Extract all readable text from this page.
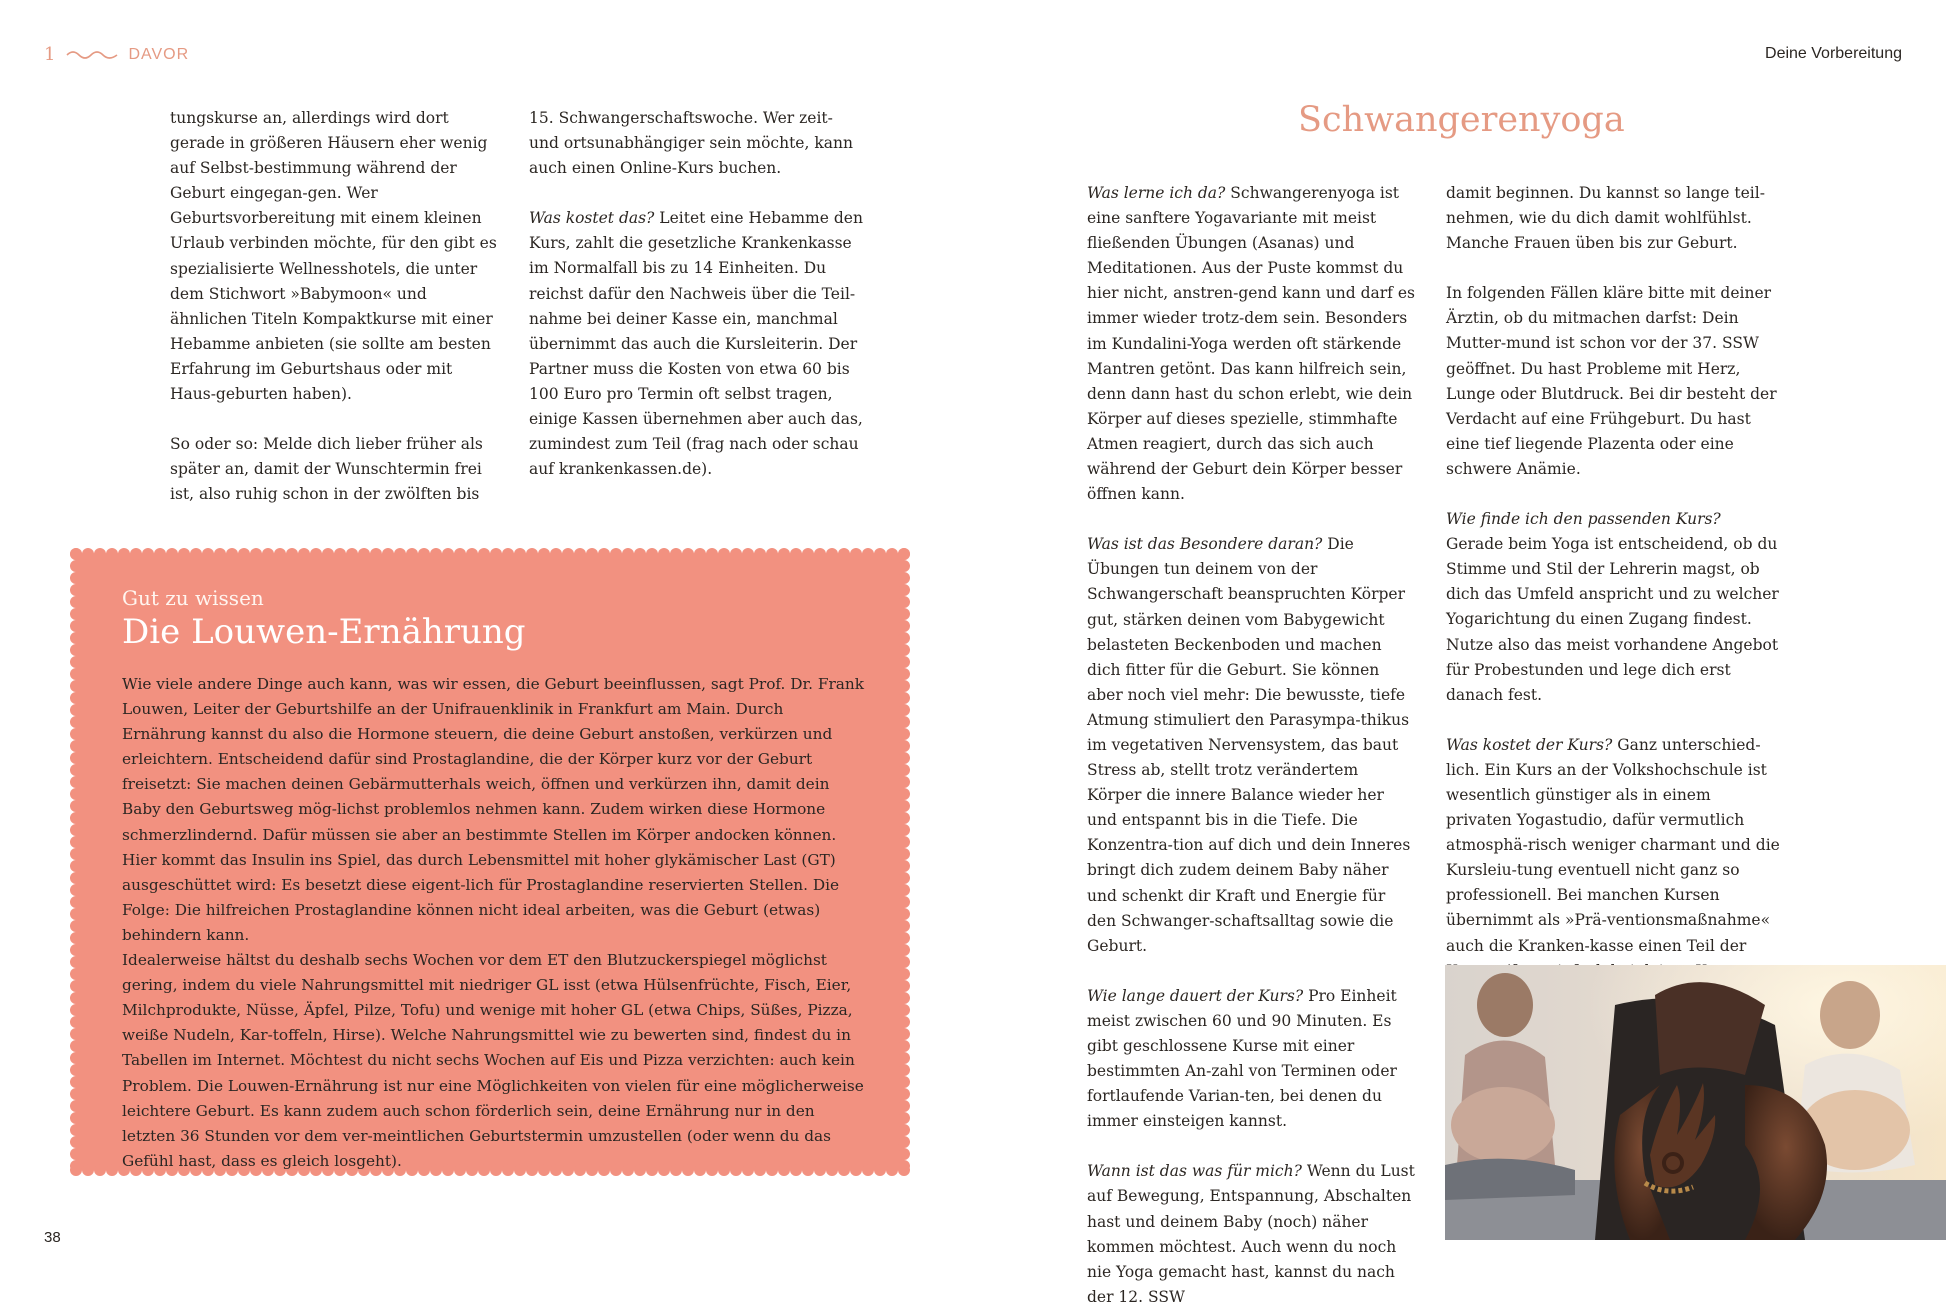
1	DAVOR	Deine Vorbereitung

tungskurse an, allerdings wird dort gerade in größeren Häusern eher wenig auf Selbst-bestimmung während der Geburt eingegan-gen. Wer Geburtsvorbereitung mit einem kleinen Urlaub verbinden möchte, für den gibt es spezialisierte Wellnesshotels, die unter dem Stichwort »Babymoon« und ähnlichen Titeln Kompaktkurse mit einer Hebamme anbieten (sie sollte am besten Erfahrung im Geburtshaus oder mit Haus-geburten haben).

So oder so: Melde dich lieber früher als später an, damit der Wunschtermin frei ist, also ruhig schon in der zwölften bis

15. Schwangerschaftswoche. Wer zeit- und ortsunabhängiger sein möchte, kann auch einen Online-Kurs buchen.

Was kostet das? Leitet eine Hebamme den Kurs, zahlt die gesetzliche Krankenkasse im Normalfall bis zu 14 Einheiten. Du reichst dafür den Nachweis über die Teil-nahme bei deiner Kasse ein, manchmal übernimmt das auch die Kursleiterin. Der Partner muss die Kosten von etwa 60 bis 100 Euro pro Termin oft selbst tragen, einige Kassen übernehmen aber auch das, zumindest zum Teil (frag nach oder schau auf krankenkassen.de).

Gut zu wissen
Die Louwen-Ernährung

Wie viele andere Dinge auch kann, was wir essen, die Geburt beeinflussen, sagt Prof. Dr. Frank Louwen, Leiter der Geburtshilfe an der Unifrauenklinik in Frankfurt am Main. Durch Ernährung kannst du also die Hormone steuern, die deine Geburt anstoßen, verkürzen und erleichtern. Entscheidend dafür sind Prostaglandine, die der Körper kurz vor der Geburt freisetzt: Sie machen deinen Gebärmutterhals weich, öffnen und verkürzen ihn, damit dein Baby den Geburtsweg mög-lichst problemlos nehmen kann. Zudem wirken diese Hormone schmerzlindernd. Dafür müssen sie aber an bestimmte Stellen im Körper andocken können. Hier kommt das Insulin ins Spiel, das durch Lebensmittel mit hoher glykämischer Last (GT) ausgeschüttet wird: Es besetzt diese eigent-lich für Prostaglandine reservierten Stellen. Die Folge: Die hilfreichen Prostaglandine können nicht ideal arbeiten, was die Geburt (etwas) behindern kann.

Idealerweise hältst du deshalb sechs Wochen vor dem ET den Blutzuckerspiegel möglichst gering, indem du viele Nahrungsmittel mit niedriger GL isst (etwa Hülsenfrüchte, Fisch, Eier, Milchprodukte, Nüsse, Äpfel, Pilze, Tofu) und wenige mit hoher GL (etwa Chips, Süßes, Pizza, weiße Nudeln, Kar-toffeln, Hirse). Welche Nahrungsmittel wie zu bewerten sind, findest du in Tabellen im Internet. Möchtest du nicht sechs Wochen auf Eis und Pizza verzichten: auch kein Problem. Die Louwen-Ernährung ist nur eine Möglichkeiten von vielen für eine möglicherweise leichtere Geburt. Es kann zudem auch schon förderlich sein, deine Ernährung nur in den letzten 36 Stunden vor dem ver-meintlichen Geburtstermin umzustellen (oder wenn du das Gefühl hast, dass es gleich losgeht).

38
Schwangerenyoga

Was lerne ich da? Schwangerenyoga ist eine sanftere Yogavariante mit meist fließenden Übungen (Asanas) und Meditationen. Aus der Puste kommst du hier nicht, anstren-gend kann und darf es immer wieder trotz-dem sein. Besonders im Kundalini-Yoga werden oft stärkende Mantren getönt. Das kann hilfreich sein, denn dann hast du schon erlebt, wie dein Körper auf dieses spezielle, stimmhafte Atmen reagiert, durch das sich auch während der Geburt dein Körper besser öffnen kann.

Was ist das Besondere daran? Die Übungen tun deinem von der Schwangerschaft beanspruchten Körper gut, stärken deinen vom Babygewicht belasteten Beckenboden und machen dich fitter für die Geburt. Sie können aber noch viel mehr: Die bewusste, tiefe Atmung stimuliert den Parasympa-thikus im vegetativen Nervensystem, das baut Stress ab, stellt trotz verändertem Körper die innere Balance wieder her und entspannt bis in die Tiefe. Die Konzentra-tion auf dich und dein Inneres bringt dich zudem deinem Baby näher und schenkt dir Kraft und Energie für den Schwanger-schaftsalltag sowie die Geburt.

Wie lange dauert der Kurs? Pro Einheit meist zwischen 60 und 90 Minuten. Es gibt geschlossene Kurse mit einer bestimmten An-zahl von Terminen oder fortlaufende Varian-ten, bei denen du immer einsteigen kannst.

Wann ist das was für mich? Wenn du Lust auf Bewegung, Entspannung, Abschalten hast und deinem Baby (noch) näher kommen möchtest. Auch wenn du noch nie Yoga gemacht hast, kannst du nach der 12. SSW

damit beginnen. Du kannst so lange teil-nehmen, wie du dich damit wohlfühlst. Manche Frauen üben bis zur Geburt.

In folgenden Fällen kläre bitte mit deiner Ärztin, ob du mitmachen darfst: Dein Mutter-mund ist schon vor der 37. SSW geöffnet. Du hast Probleme mit Herz, Lunge oder Blutdruck. Bei dir besteht der Verdacht auf eine Frühgeburt. Du hast eine tief liegende Plazenta oder eine schwere Anämie.

Wie finde ich den passenden Kurs? Gerade beim Yoga ist entscheidend, ob du Stimme und Stil der Lehrerin magst, ob dich das Umfeld anspricht und zu welcher Yogarichtung du einen Zugang findest. Nutze also das meist vorhandene Angebot für Probestunden und lege dich erst danach fest.

Was kostet der Kurs? Ganz unterschied-lich. Ein Kurs an der Volkshochschule ist wesentlich günstiger als in einem privaten Yogastudio, dafür vermutlich atmosphä-risch weniger charmant und die Kursleiu-tung eventuell nicht ganz so professionell. Bei manchen Kursen übernimmt als »Prä-ventionsmaßnahme« auch die Kranken-kasse einen Teil der
